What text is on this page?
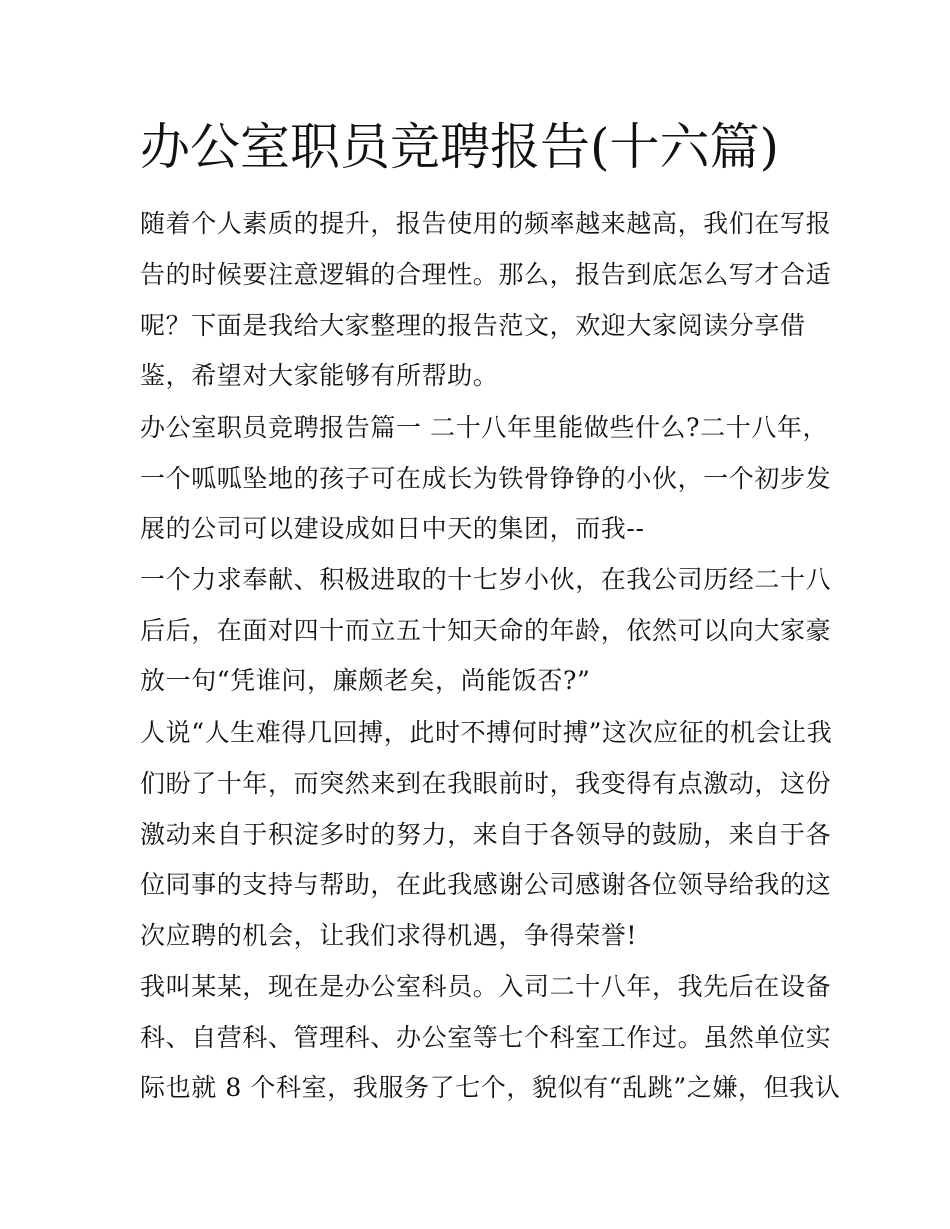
办公室职员竞聘报告(十六篇)
随着个人素质的提升，报告使用的频率越来越高，我们在写报
告的时候要注意逻辑的合理性。那么，报告到底怎么写才合适
呢？下面是我给大家整理的报告范文，欢迎大家阅读分享借
鉴，希望对大家能够有所帮助。
办公室职员竞聘报告篇一 二十八年里能做些什么?二十八年，
一个呱呱坠地的孩子可在成长为铁骨铮铮的小伙，一个初步发
展的公司可以建设成如日中天的集团，而我--
一个力求奉献、积极进取的十七岁小伙，在我公司历经二十八
后后，在面对四十而立五十知天命的年龄，依然可以向大家豪
放一句“凭谁问，廉颇老矣，尚能饭否?”
人说“人生难得几回搏，此时不搏何时搏”这次应征的机会让我
们盼了十年，而突然来到在我眼前时，我变得有点激动，这份
激动来自于积淀多时的努力，来自于各领导的鼓励，来自于各
位同事的支持与帮助，在此我感谢公司感谢各位领导给我的这
次应聘的机会，让我们求得机遇，争得荣誉!
我叫某某，现在是办公室科员。入司二十八年，我先后在设备
科、自营科、管理科、办公室等七个科室工作过。虽然单位实
际也就 8 个科室，我服务了七个，貌似有“乱跳”之嫌，但我认
